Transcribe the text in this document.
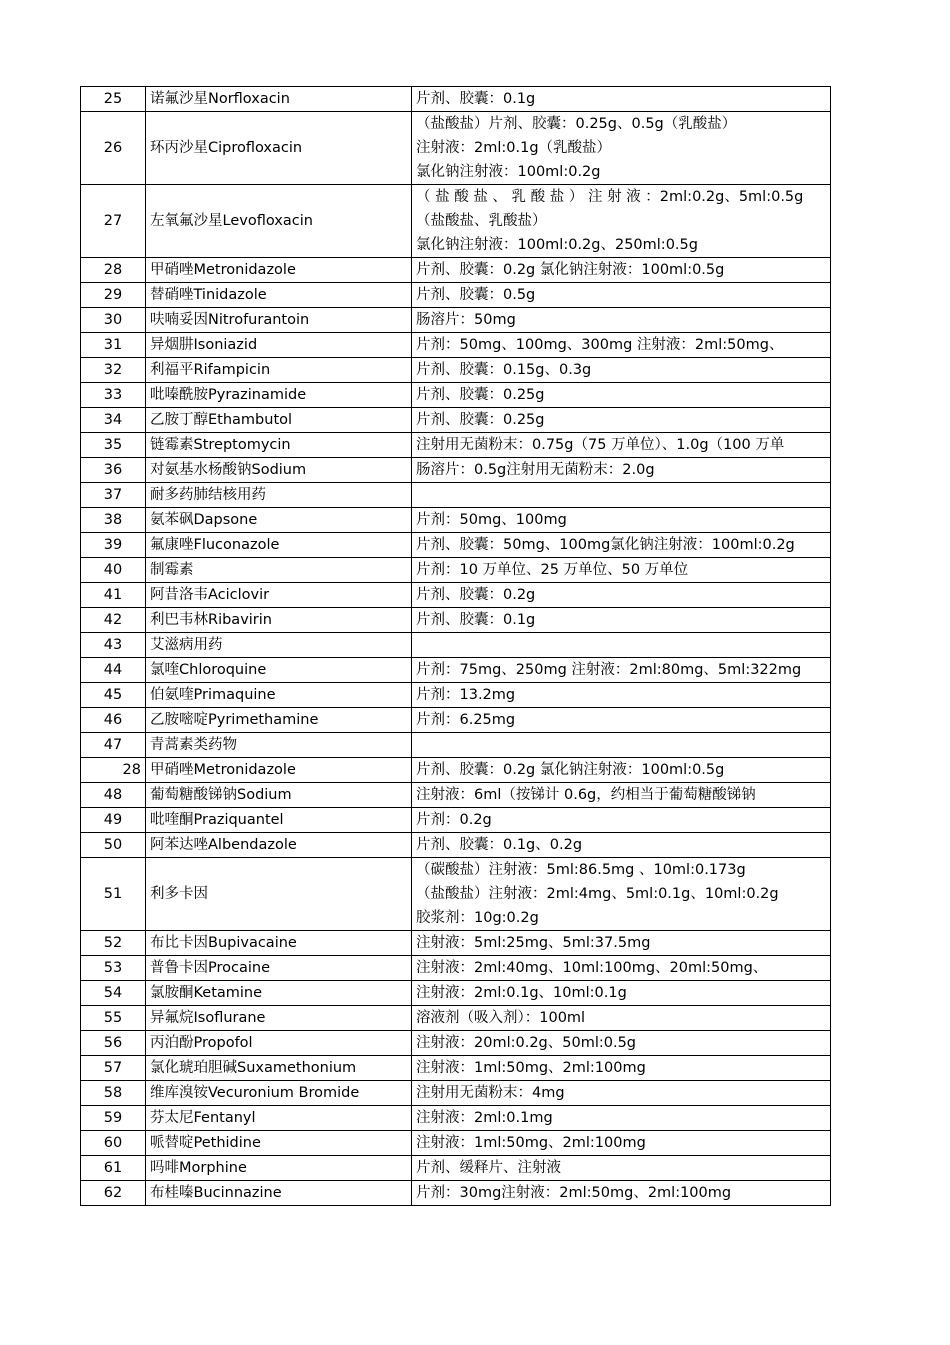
25	诺氟沙星Norfloxacin	片剂、胶囊：0.1g

26	环丙沙星Ciprofloxacin	（盐酸盐）片剂、胶囊：0.25g、0.5g（乳酸盐）
注射液：2ml:0.1g（乳酸盐）
氯化钠注射液：100ml:0.2g

27	左氧氟沙星Levofloxacin	（ 盐 酸 盐 、 乳 酸 盐 ） 注 射 液 ：2ml:0.2g、5ml:0.5g
（盐酸盐、乳酸盐）
氯化钠注射液：100ml:0.2g、250ml:0.5g

28	甲硝唑Metronidazole	片剂、胶囊：0.2g 氯化钠注射液：100ml:0.5g

29	替硝唑Tinidazole	片剂、胶囊：0.5g

30	呋喃妥因Nitrofurantoin	肠溶片：50mg

31	异烟肼Isoniazid	片剂：50mg、100mg、300mg 注射液：2ml:50mg、

32	利福平Rifampicin	片剂、胶囊：0.15g、0.3g

33	吡嗪酰胺Pyrazinamide	片剂、胶囊：0.25g

34	乙胺丁醇Ethambutol	片剂、胶囊：0.25g

35	链霉素Streptomycin	注射用无菌粉末：0.75g（75 万单位）、1.0g（100 万单

36	对氨基水杨酸钠Sodium	肠溶片：0.5g注射用无菌粉末：2.0g

37	耐多药肺结核用药	

38	氨苯砜Dapsone	片剂：50mg、100mg

39	氟康唑Fluconazole	片剂、胶囊：50mg、100mg氯化钠注射液：100ml:0.2g

40	制霉素	片剂：10 万单位、25 万单位、50 万单位

41	阿昔洛韦Aciclovir	片剂、胶囊：0.2g

42	利巴韦林Ribavirin	片剂、胶囊：0.1g

43	艾滋病用药	

44	氯喹Chloroquine	片剂：75mg、250mg 注射液：2ml:80mg、5ml:322mg

45	伯氨喹Primaquine	片剂：13.2mg

46	乙胺嘧啶Pyrimethamine	片剂：6.25mg

47	青蒿素类药物	

28	甲硝唑Metronidazole	片剂、胶囊：0.2g 氯化钠注射液：100ml:0.5g

48	葡萄糖酸锑钠Sodium	注射液：6ml（按锑计 0.6g，约相当于葡萄糖酸锑钠

49	吡喹酮Praziquantel	片剂：0.2g

50	阿苯达唑Albendazole	片剂、胶囊：0.1g、0.2g

51	利多卡因	（碳酸盐）注射液：5ml:86.5mg 、10ml:0.173g
（盐酸盐）注射液：2ml:4mg、5ml:0.1g、10ml:0.2g
胶浆剂：10g:0.2g

52	布比卡因Bupivacaine	注射液：5ml:25mg、5ml:37.5mg

53	普鲁卡因Procaine	注射液：2ml:40mg、10ml:100mg、20ml:50mg、

54	氯胺酮Ketamine	注射液：2ml:0.1g、10ml:0.1g

55	异氟烷Isoflurane	溶液剂（吸入剂）：100ml

56	丙泊酚Propofol	注射液：20ml:0.2g、50ml:0.5g

57	氯化琥珀胆碱Suxamethonium	注射液：1ml:50mg、2ml:100mg

58	维库溴铵Vecuronium Bromide	注射用无菌粉末：4mg

59	芬太尼Fentanyl	注射液：2ml:0.1mg

60	哌替啶Pethidine	注射液：1ml:50mg、2ml:100mg

61	吗啡Morphine	片剂、缓释片、注射液

62	布桂嗪Bucinnazine	片剂：30mg注射液：2ml:50mg、2ml:100mg
